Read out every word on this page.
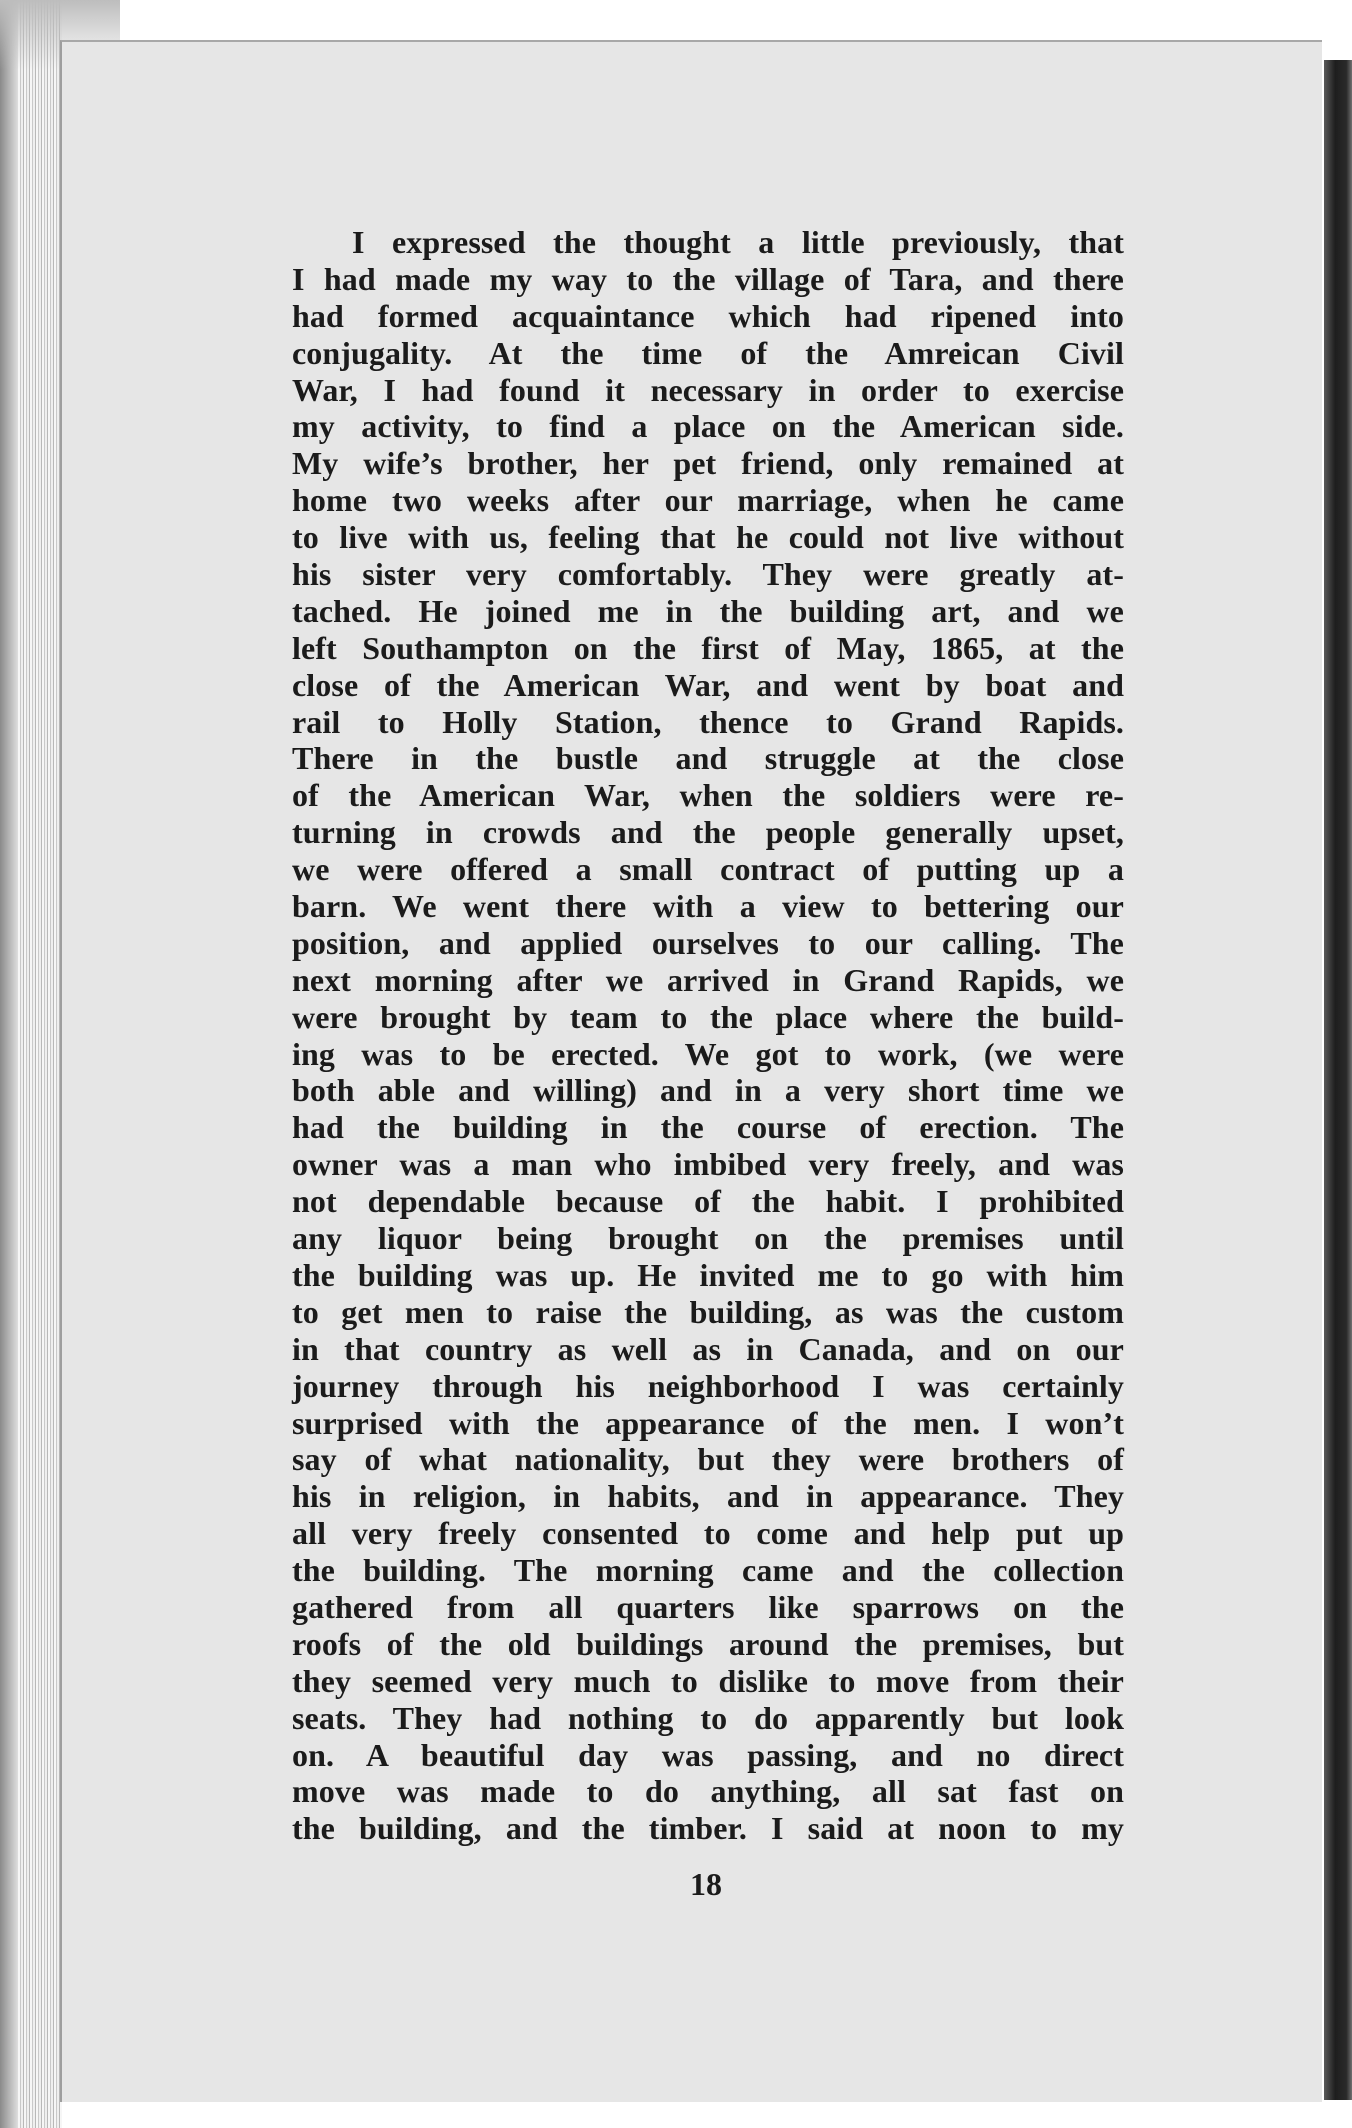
I expressed the thought a little previously, that
I had made my way to the village of Tara, and there
had formed acquaintance which had ripened into
conjugality. At the time of the Amreican Civil
War, I had found it necessary in order to exercise
my activity, to find a place on the American side.
My wife’s brother, her pet friend, only remained at
home two weeks after our marriage, when he came
to live with us, feeling that he could not live without
his sister very comfortably. They were greatly at-
tached. He joined me in the building art, and we
left Southampton on the first of May, 1865, at the
close of the American War, and went by boat and
rail to Holly Station, thence to Grand Rapids.
There in the bustle and struggle at the close
of the American War, when the soldiers were re-
turning in crowds and the people generally upset,
we were offered a small contract of putting up a
barn. We went there with a view to bettering our
position, and applied ourselves to our calling. The
next morning after we arrived in Grand Rapids, we
were brought by team to the place where the build-
ing was to be erected. We got to work, (we were
both able and willing) and in a very short time we
had the building in the course of erection. The
owner was a man who imbibed very freely, and was
not dependable because of the habit. I prohibited
any liquor being brought on the premises until
the building was up. He invited me to go with him
to get men to raise the building, as was the custom
in that country as well as in Canada, and on our
journey through his neighborhood I was certainly
surprised with the appearance of the men. I won’t
say of what nationality, but they were brothers of
his in religion, in habits, and in appearance. They
all very freely consented to come and help put up
the building. The morning came and the collection
gathered from all quarters like sparrows on the
roofs of the old buildings around the premises, but
they seemed very much to dislike to move from their
seats. They had nothing to do apparently but look
on. A beautiful day was passing, and no direct
move was made to do anything, all sat fast on
the building, and the timber. I said at noon to my
18
